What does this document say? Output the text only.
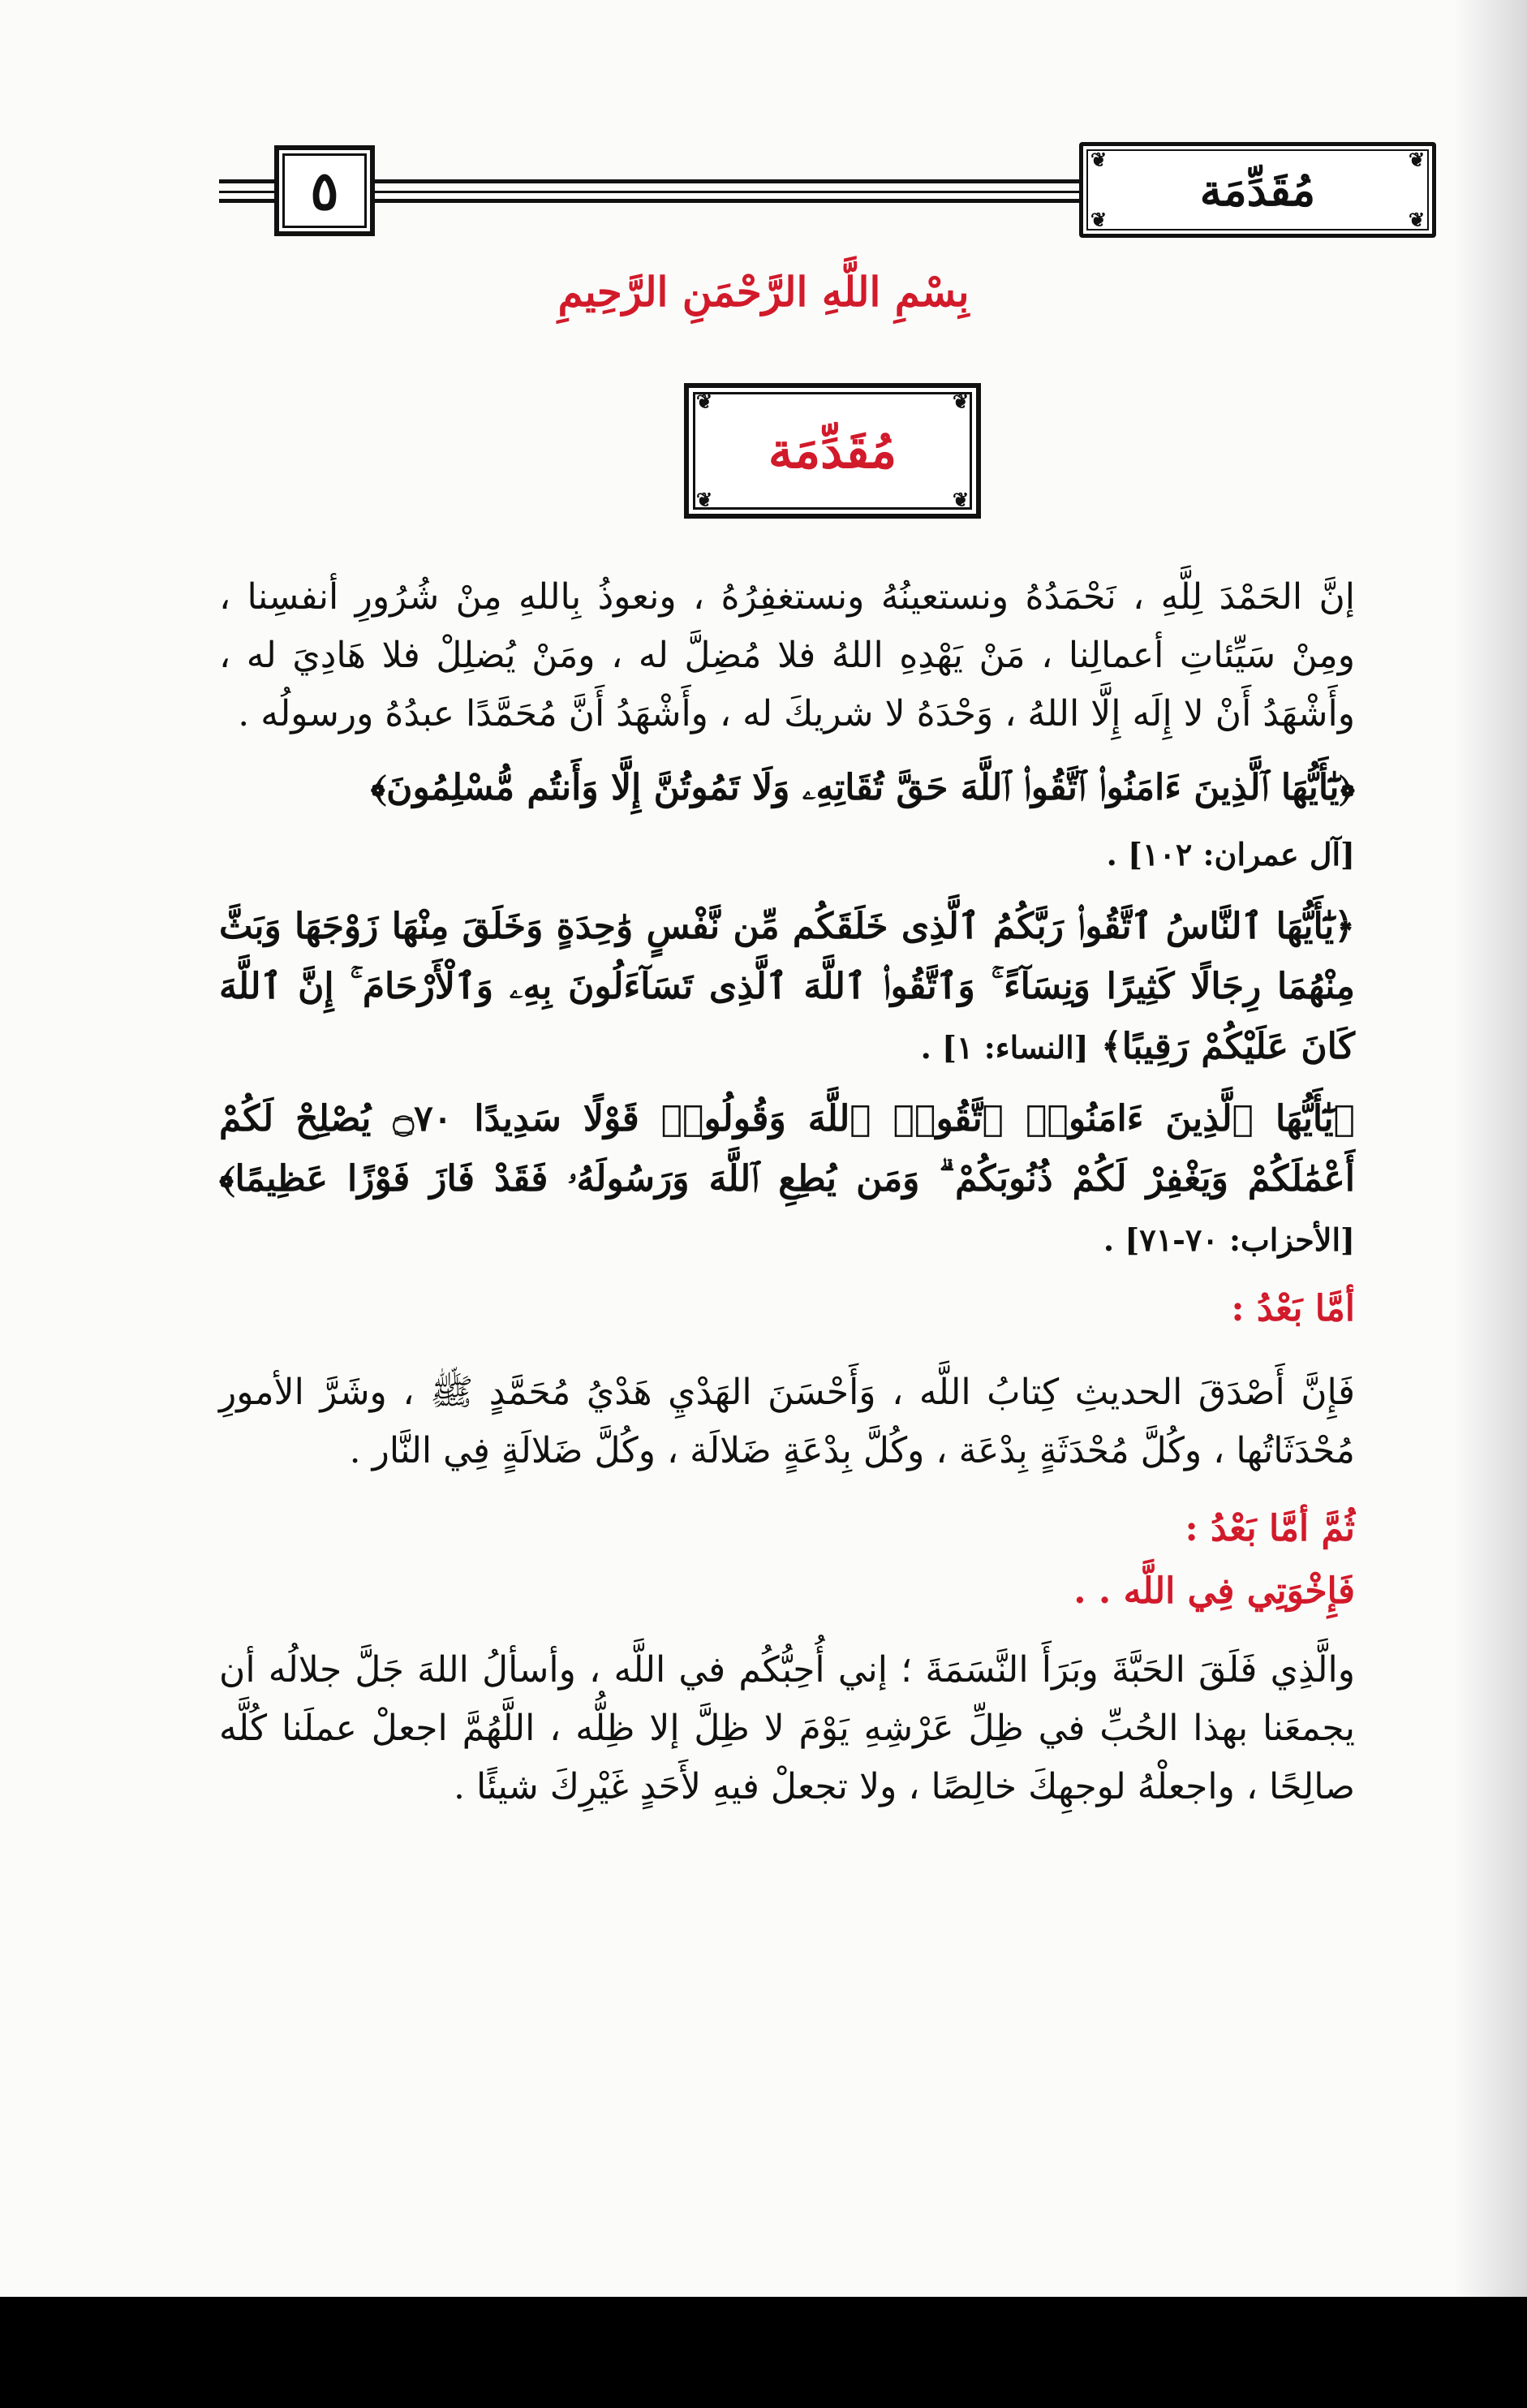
٥	❦	❦
❦	❦
مُقَدِّمَة
بِسْمِ اللَّهِ الرَّحْمَنِ الرَّحِيمِ
❦	❦
❦	❦
مُقَدِّمَة

إنَّ الحَمْدَ لِلَّهِ ، نَحْمَدُهُ ونستعينُهُ ونستغفِرُهُ ، ونعوذُ بِاللهِ مِنْ شُرُورِ أنفسِنا ، ومِنْ سَيِّئاتِ أعمالِنا ، مَنْ يَهْدِهِ اللهُ فلا مُضِلَّ له ، ومَنْ يُضلِلْ فلا هَادِيَ له ، وأَشْهَدُ أَنْ لا إِلَه إِلَّا اللهُ ، وَحْدَهُ لا شريكَ له ، وأَشْهَدُ أَنَّ مُحَمَّدًا عبدُهُ ورسولُه .

﴿يَٰٓأَيُّهَا ٱلَّذِينَ ءَامَنُوا۟ ٱتَّقُوا۟ ٱللَّهَ حَقَّ تُقَاتِهِۦ وَلَا تَمُوتُنَّ إِلَّا وَأَنتُم مُّسْلِمُونَ﴾

[آل عمران: ١٠٢] .

﴿يَٰٓأَيُّهَا ٱلنَّاسُ ٱتَّقُوا۟ رَبَّكُمُ ٱلَّذِى خَلَقَكُم مِّن نَّفْسٍ وَٰحِدَةٍ وَخَلَقَ مِنْهَا زَوْجَهَا وَبَثَّ مِنْهُمَا رِجَالًا كَثِيرًا وَنِسَآءً ۚ وَٱتَّقُوا۟ ٱللَّهَ ٱلَّذِى تَسَآءَلُونَ بِهِۦ وَٱلْأَرْحَامَ ۚ إِنَّ ٱللَّهَ كَانَ عَلَيْكُمْ رَقِيبًا﴾ [النساء: ١] .

﴿يَٰٓأَيُّهَا ٱلَّذِينَ ءَامَنُوا۟ ٱتَّقُوا۟ ٱللَّهَ وَقُولُوا۟ قَوْلًا سَدِيدًا ۝٧٠ يُصْلِحْ لَكُمْ أَعْمَٰلَكُمْ وَيَغْفِرْ لَكُمْ ذُنُوبَكُمْ ۗ وَمَن يُطِعِ ٱللَّهَ وَرَسُولَهُۥ فَقَدْ فَازَ فَوْزًا عَظِيمًا﴾ [الأحزاب: ٧٠-٧١] .

أمَّا بَعْدُ :

فَإِنَّ أَصْدَقَ الحديثِ كِتابُ اللَّه ، وَأَحْسَنَ الهَدْيِ هَدْيُ مُحَمَّدٍ ﷺ ، وشَرَّ الأمورِ مُحْدَثَاتُها ، وكُلَّ مُحْدَثَةٍ بِدْعَة ، وكُلَّ بِدْعَةٍ ضَلالَة ، وكُلَّ ضَلالَةٍ فِي النَّار .

ثُمَّ أمَّا بَعْدُ :

فَإِخْوَتِي فِي اللَّه . .

والَّذِي فَلَقَ الحَبَّةَ وبَرَأَ النَّسَمَةَ ؛ إني أُحِبُّكُم في اللَّه ، وأسألُ اللهَ جَلَّ جلالُه أن يجمعَنا بهذا الحُبِّ في ظِلِّ عَرْشِهِ يَوْمَ لا ظِلَّ إلا ظِلُّه ، اللَّهُمَّ اجعلْ عملَنا كُلَّه صالِحًا ، واجعلْهُ لوجهِكَ خالِصًا ، ولا تجعلْ فيهِ لأَحَدٍ غَيْرِكَ شيئًا .
